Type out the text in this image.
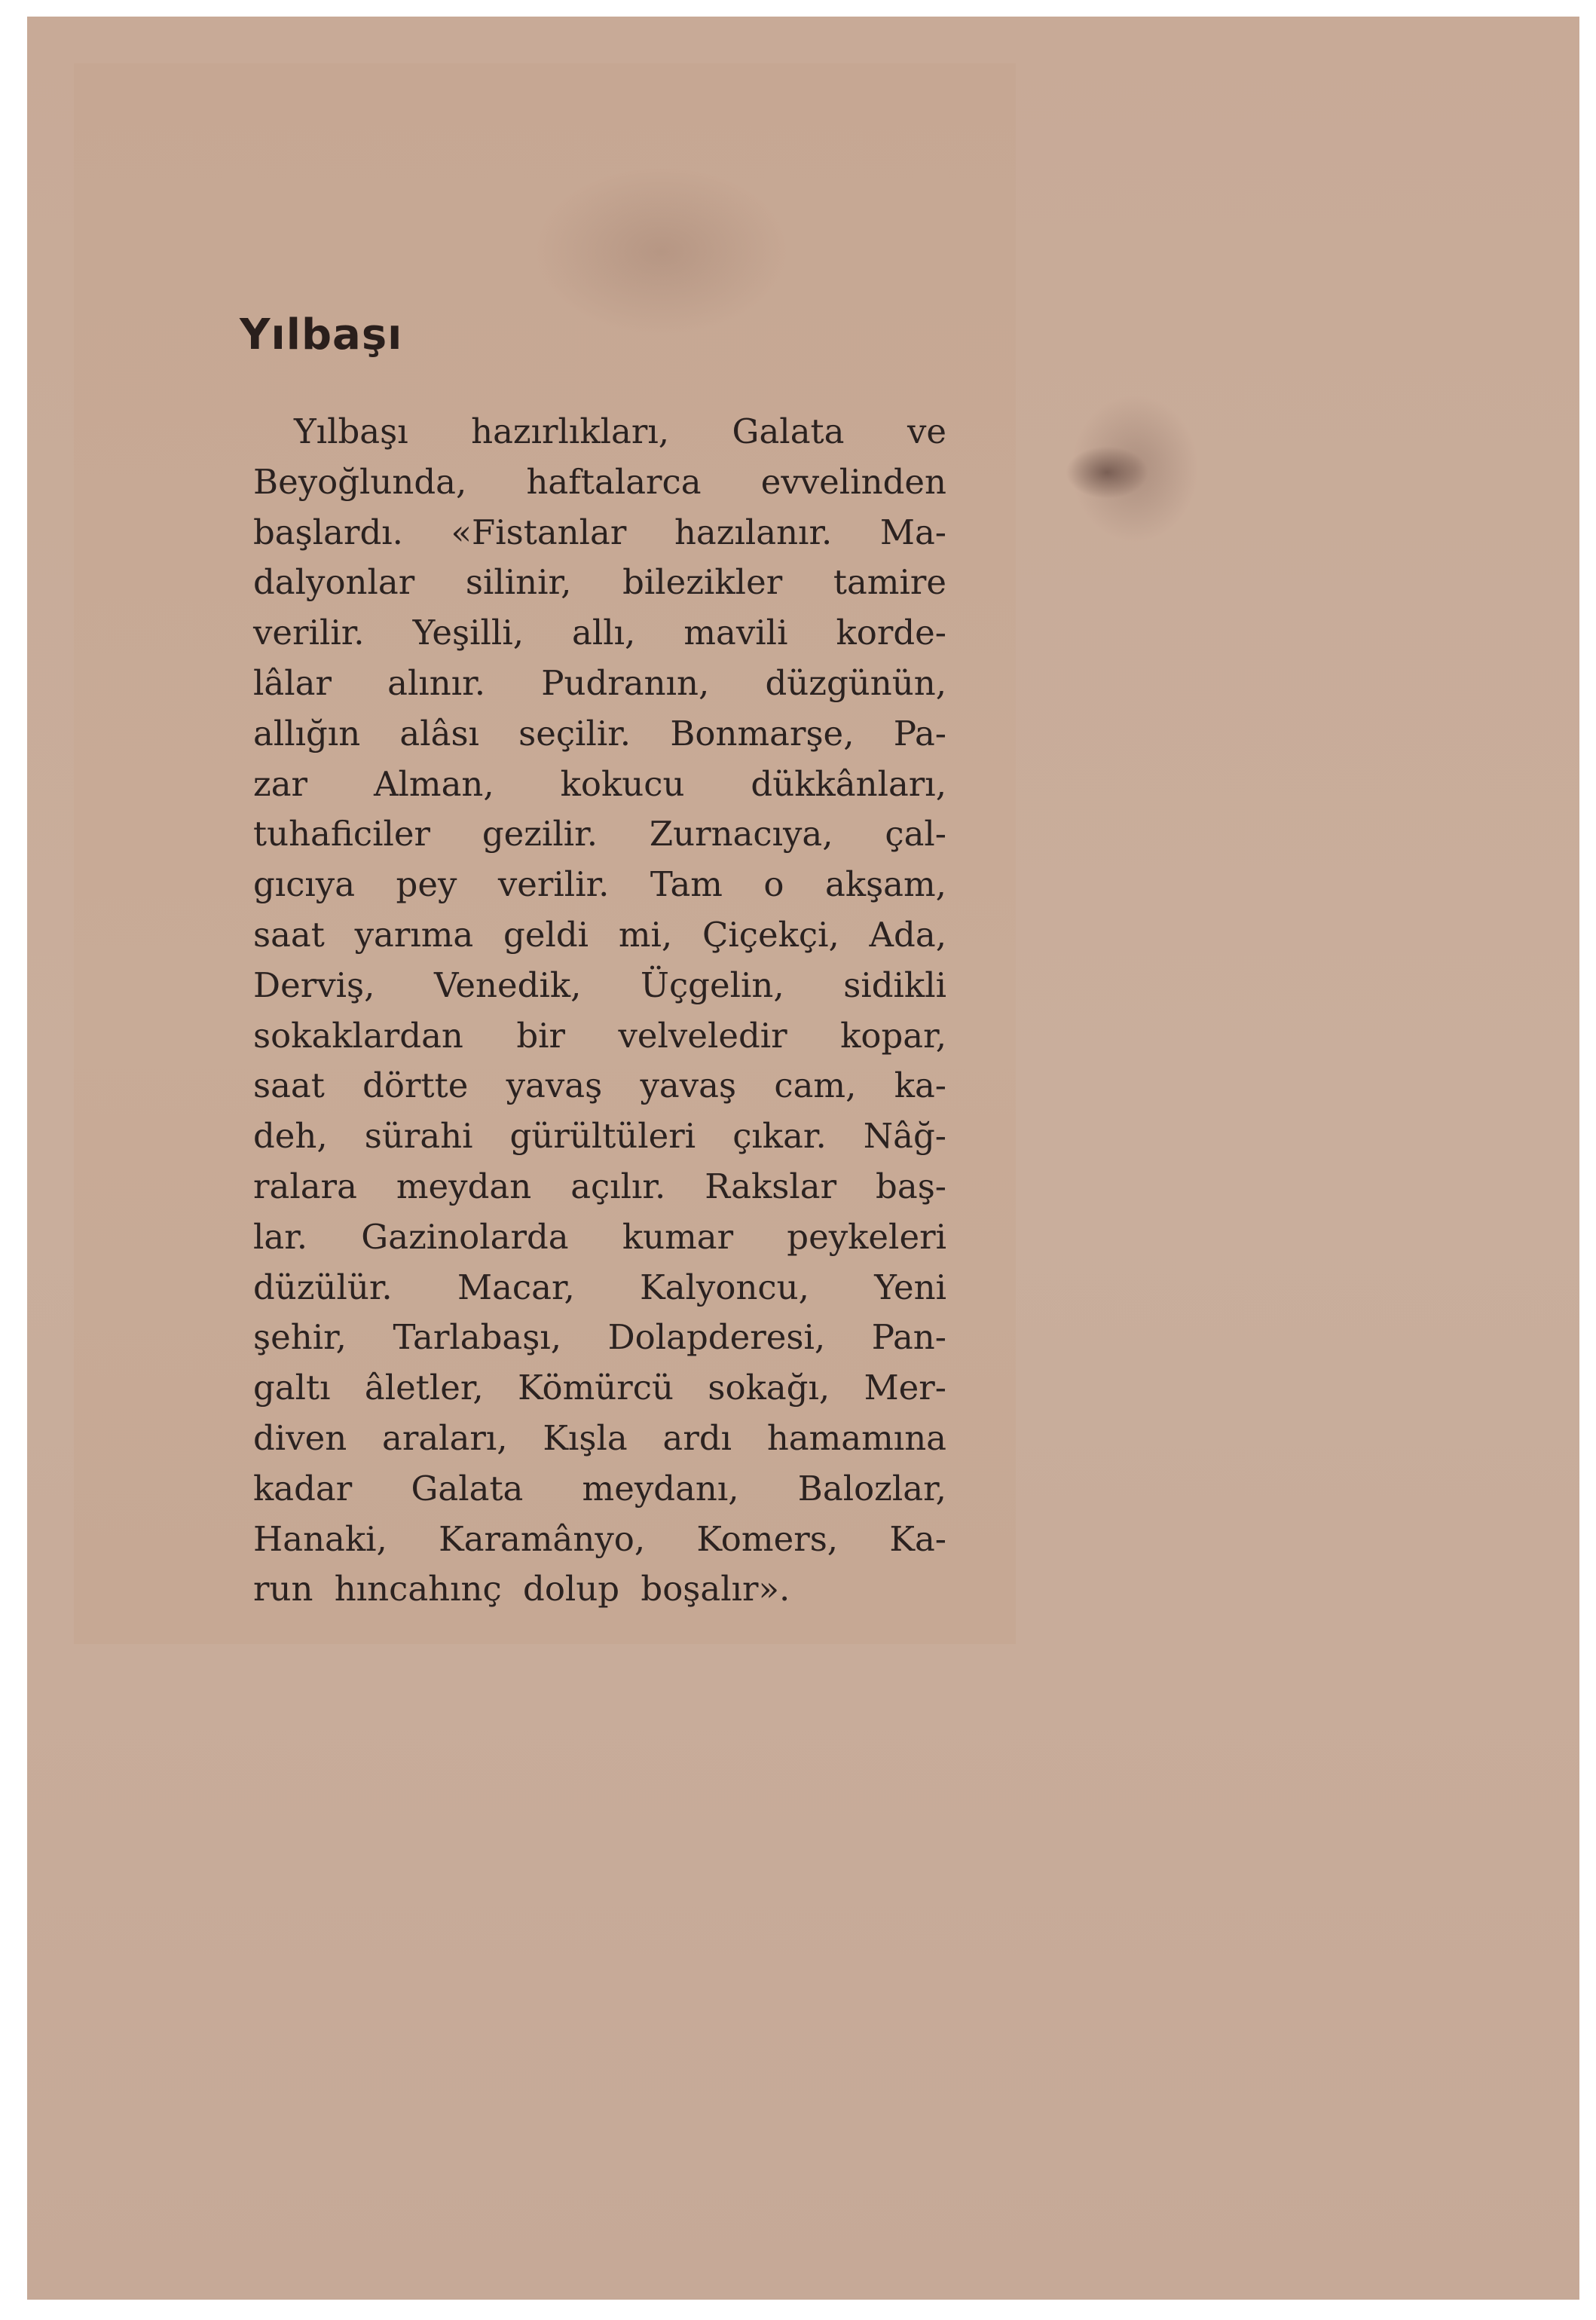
Yılbaşı
Yılbaşı hazırlıkları, Galata ve
Beyoğlunda, haftalarca evvelinden
başlardı. «Fistanlar hazılanır. Ma-
dalyonlar silinir, bilezikler tamire
verilir. Yeşilli, allı, mavili korde-
lâlar alınır. Pudranın, düzgünün,
allığın alâsı seçilir. Bonmarşe, Pa-
zar Alman, kokucu dükkânları,
tuhaficiler gezilir. Zurnacıya, çal-
gıcıya pey verilir. Tam o akşam,
saat yarıma geldi mi, Çiçekçi, Ada,
Derviş, Venedik, Üçgelin, sidikli
sokaklardan bir velveledir kopar,
saat dörtte yavaş yavaş cam, ka-
deh, sürahi gürültüleri çıkar. Nâğ-
ralara meydan açılır. Rakslar baş-
lar. Gazinolarda kumar peykeleri
düzülür. Macar, Kalyoncu, Yeni
şehir, Tarlabaşı, Dolapderesi, Pan-
galtı âletler, Kömürcü sokağı, Mer-
diven araları, Kışla ardı hamamına
kadar Galata meydanı, Balozlar,
Hanaki, Karamânyo, Komers, Ka-
run hıncahınç dolup boşalır».
